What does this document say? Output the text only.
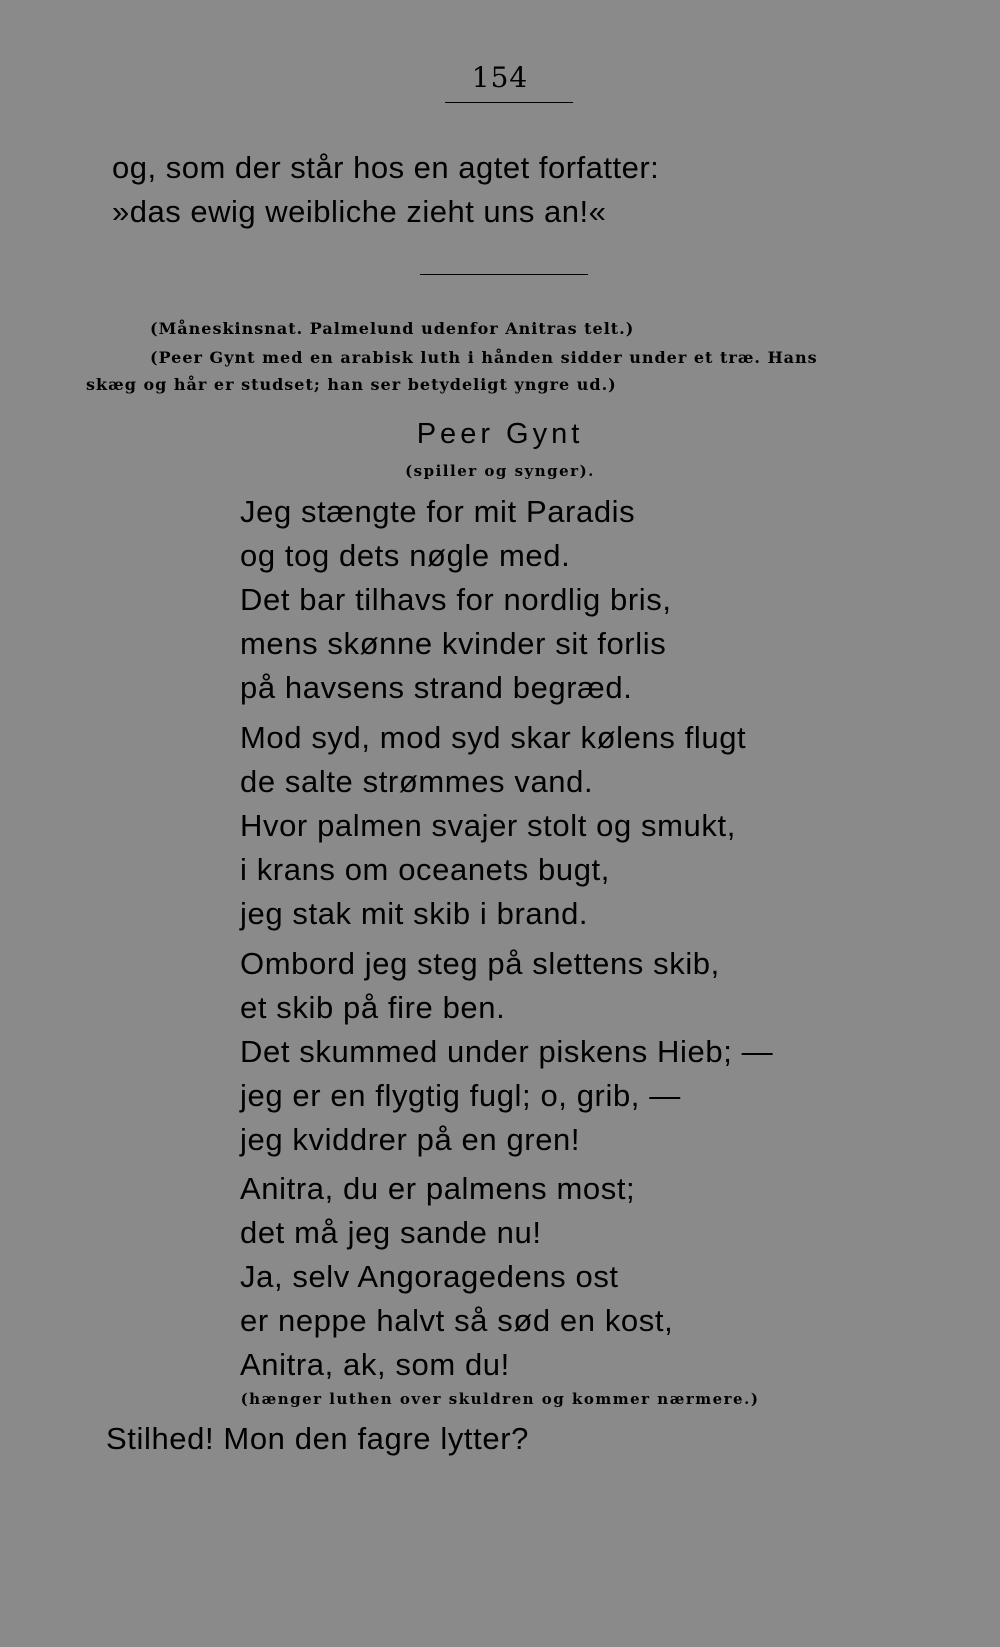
154
og, som der står hos en agtet forfatter:
»das ewig weibliche zieht uns an!«
(Måneskinsnat. Palmelund udenfor Anitras telt.)
(Peer Gynt med en arabisk luth i hånden sidder under et træ. Hans
skæg og hår er studset; han ser betydeligt yngre ud.)
Peer Gynt
(spiller og synger).
Jeg stængte for mit Paradis
og tog dets nøgle med.
Det bar tilhavs for nordlig bris,
mens skønne kvinder sit forlis
på havsens strand begræd.
Mod syd, mod syd skar kølens flugt
de salte strømmes vand.
Hvor palmen svajer stolt og smukt,
i krans om oceanets bugt,
jeg stak mit skib i brand.
Ombord jeg steg på slettens skib,
et skib på fire ben.
Det skummed under piskens Hieb; —
jeg er en flygtig fugl; o, grib, —
jeg kviddrer på en gren!
Anitra, du er palmens most;
det må jeg sande nu!
Ja, selv Angoragedens ost
er neppe halvt så sød en kost,
Anitra, ak, som du!
(hænger luthen over skuldren og kommer nærmere.)
Stilhed! Mon den fagre lytter?
